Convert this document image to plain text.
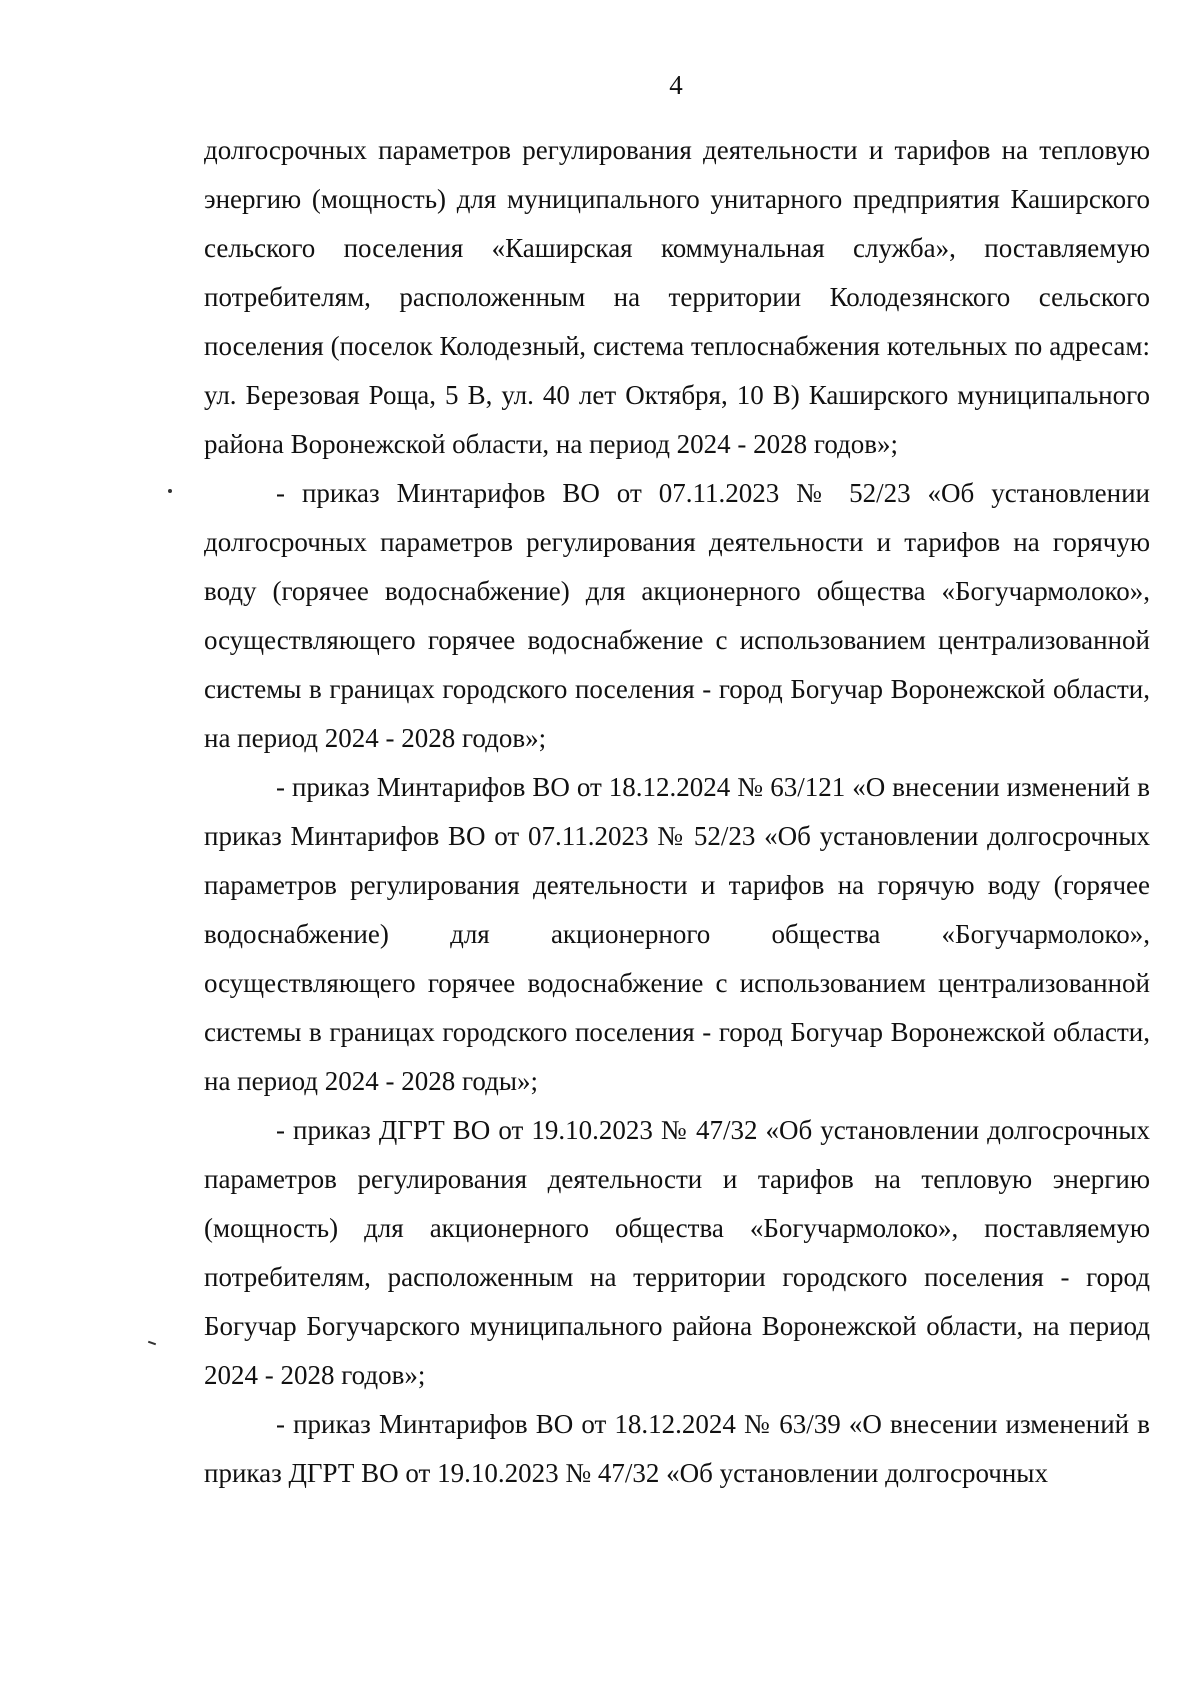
4

долгосрочных параметров регулирования деятельности и тарифов на тепловую энергию (мощность) для муниципального унитарного предприятия Каширского сельского поселения «Каширская коммунальная служба», поставляемую потребителям, расположенным на территории Колодезянского сельского поселения (поселок Колодезный, система теплоснабжения котельных по адресам: ул. Березовая Роща, 5 В, ул. 40 лет Октября, 10 В) Каширского муниципального района Воронежской области, на период 2024 - 2028 годов»;

- приказ Минтарифов ВО от 07.11.2023 № 52/23 «Об установлении долгосрочных параметров регулирования деятельности и тарифов на горячую воду (горячее водоснабжение) для акционерного общества «Богучармолоко», осуществляющего горячее водоснабжение с использованием централизованной системы в границах городского поселения - город Богучар Воронежской области, на период 2024 - 2028 годов»;

- приказ Минтарифов ВО от 18.12.2024 № 63/121 «О внесении изменений в приказ Минтарифов ВО от 07.11.2023 № 52/23 «Об установлении долгосрочных параметров регулирования деятельности и тарифов на горячую воду (горячее водоснабжение) для акционерного общества «Богучармолоко», осуществляющего горячее водоснабжение с использованием централизованной системы в границах городского поселения - город Богучар Воронежской области, на период 2024 - 2028 годы»;

- приказ ДГРТ ВО от 19.10.2023 № 47/32 «Об установлении долгосрочных параметров регулирования деятельности и тарифов на тепловую энергию (мощность) для акционерного общества «Богучармолоко», поставляемую потребителям, расположенным на территории городского поселения - город Богучар Богучарского муниципального района Воронежской области, на период 2024 - 2028 годов»;

- приказ Минтарифов ВО от 18.12.2024 № 63/39 «О внесении изменений в приказ ДГРТ ВО от 19.10.2023 № 47/32 «Об установлении долгосрочных
